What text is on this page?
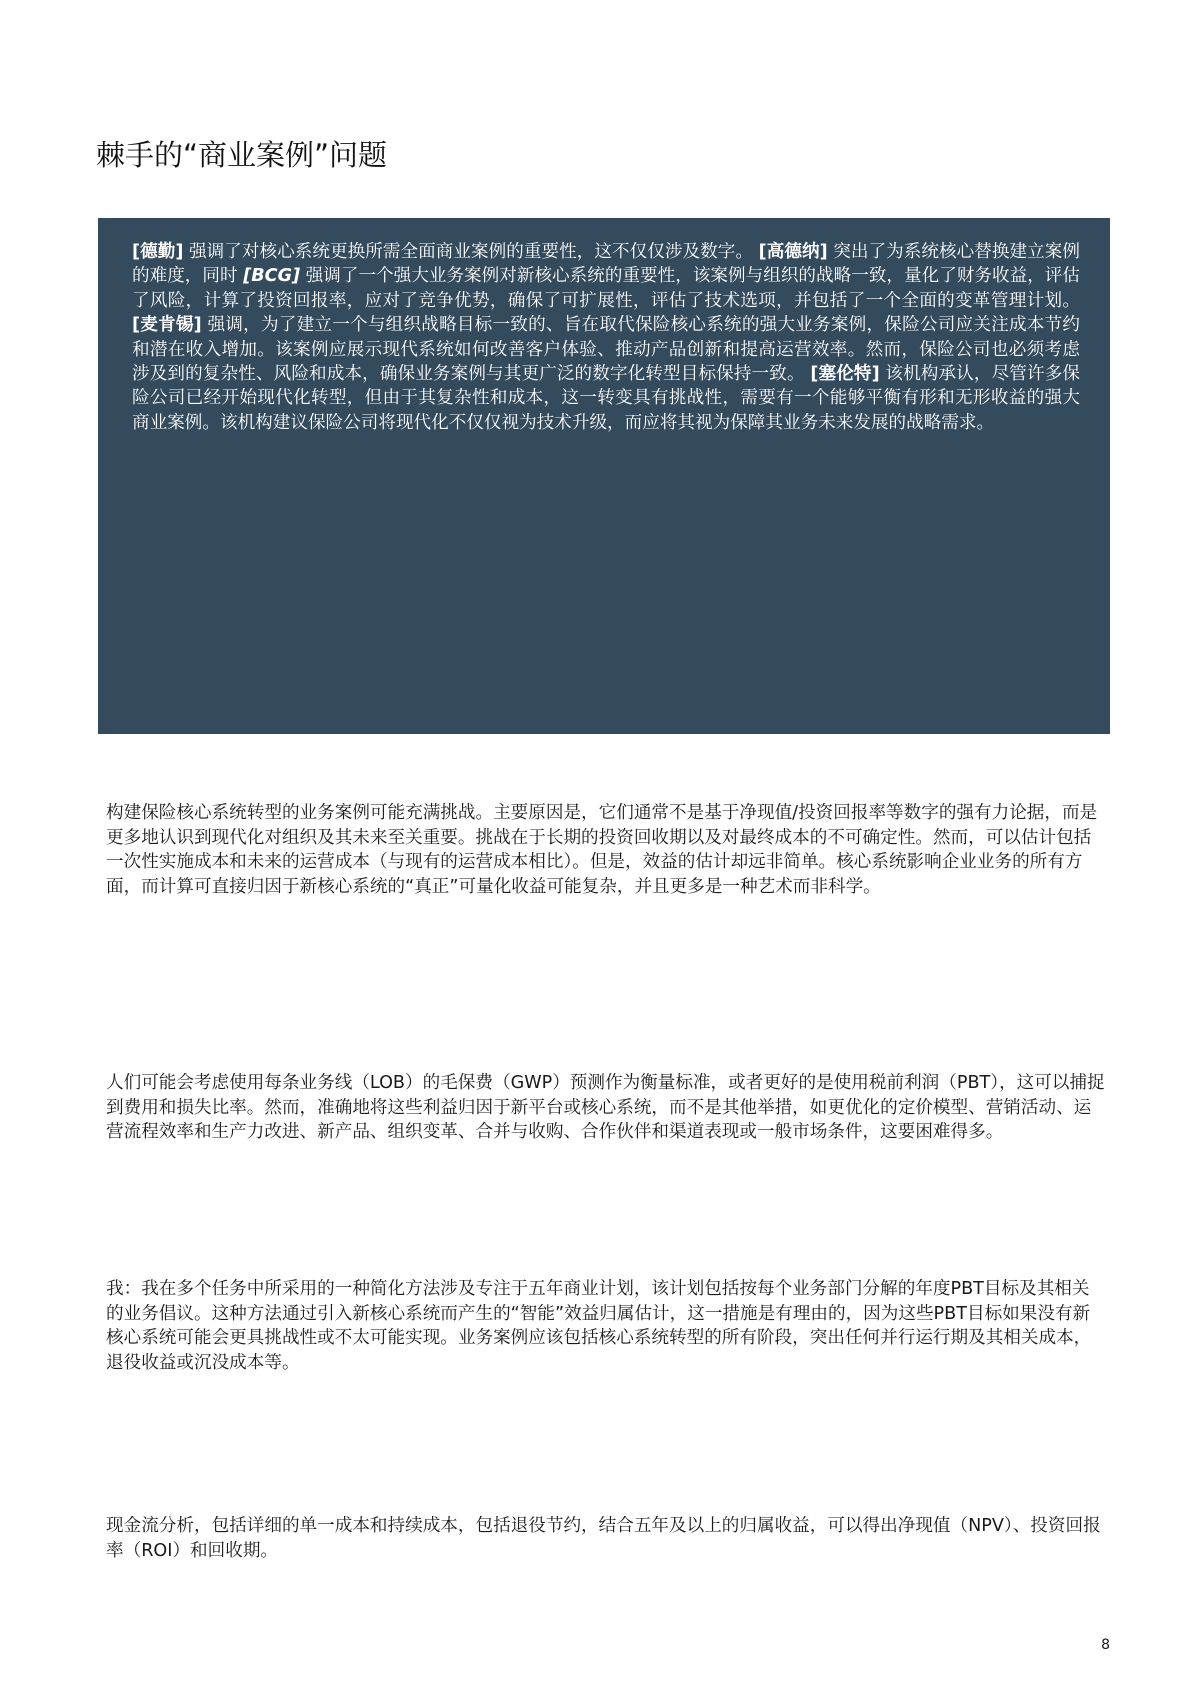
棘手的“商业案例”问题

[德勤] 强调了对核心系统更换所需全面商业案例的重要性，这不仅仅涉及数字。 [高德纳] 突出了为系统核心替换建立案例的难度，同时 [BCG] 强调了一个强大业务案例对新核心系统的重要性，该案例与组织的战略一致，量化了财务收益，评估了风险，计算了投资回报率，应对了竞争优势，确保了可扩展性，评估了技术选项，并包括了一个全面的变革管理计划。 [麦肯锡] 强调，为了建立一个与组织战略目标一致的、旨在取代保险核心系统的强大业务案例，保险公司应关注成本节约和潜在收入增加。该案例应展示现代系统如何改善客户体验、推动产品创新和提高运营效率。然而，保险公司也必须考虑涉及到的复杂性、风险和成本，确保业务案例与其更广泛的数字化转型目标保持一致。 [塞伦特] 该机构承认，尽管许多保险公司已经开始现代化转型，但由于其复杂性和成本，这一转变具有挑战性，需要有一个能够平衡有形和无形收益的强大商业案例。该机构建议保险公司将现代化不仅仅视为技术升级，而应将其视为保障其业务未来发展的战略需求。

构建保险核心系统转型的业务案例可能充满挑战。主要原因是，它们通常不是基于净现值/投资回报率等数字的强有力论据，而是更多地认识到现代化对组织及其未来至关重要。挑战在于长期的投资回收期以及对最终成本的不可确定性。然而，可以估计包括一次性实施成本和未来的运营成本（与现有的运营成本相比）。但是，效益的估计却远非简单。核心系统影响企业业务的所有方面，而计算可直接归因于新核心系统的“真正”可量化收益可能复杂，并且更多是一种艺术而非科学。

人们可能会考虑使用每条业务线（LOB）的毛保费（GWP）预测作为衡量标准，或者更好的是使用税前利润（PBT），这可以捕捉到费用和损失比率。然而，准确地将这些利益归因于新平台或核心系统，而不是其他举措，如更优化的定价模型、营销活动、运营流程效率和生产力改进、新产品、组织变革、合并与收购、合作伙伴和渠道表现或一般市场条件，这要困难得多。

我：我在多个任务中所采用的一种简化方法涉及专注于五年商业计划，该计划包括按每个业务部门分解的年度PBT目标及其相关的业务倡议。这种方法通过引入新核心系统而产生的“智能”效益归属估计，这一措施是有理由的，因为这些PBT目标如果没有新核心系统可能会更具挑战性或不太可能实现。业务案例应该包括核心系统转型的所有阶段，突出任何并行运行期及其相关成本，退役收益或沉没成本等。

现金流分析，包括详细的单一成本和持续成本，包括退役节约，结合五年及以上的归属收益，可以得出净现值（NPV）、投资回报率（ROI）和回收期。

8
